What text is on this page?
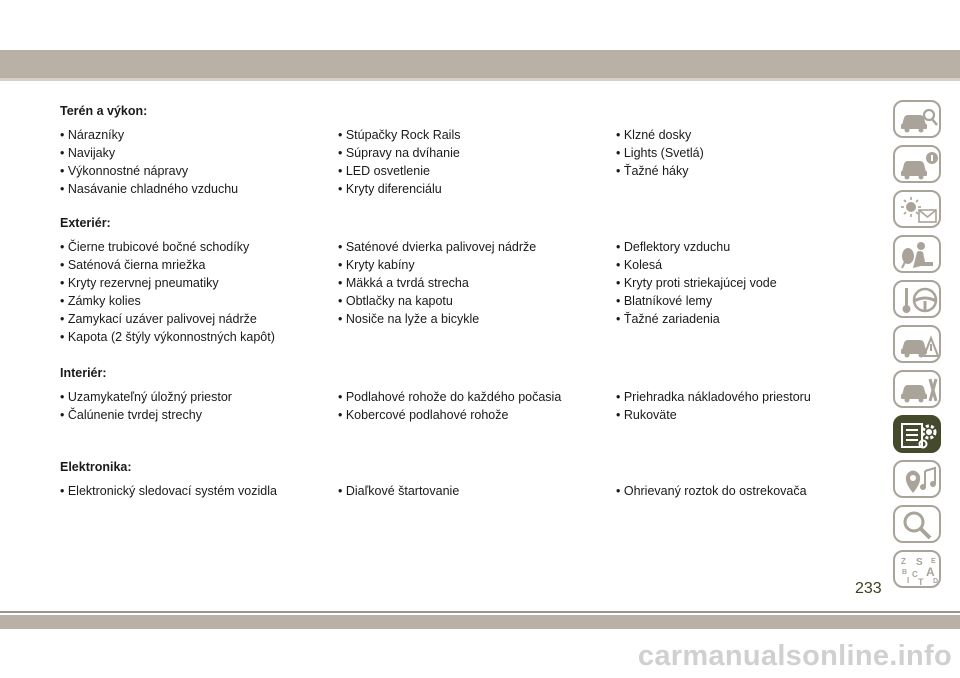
Terén a výkon:
• Nárazníky	• Stúpačky Rock Rails	• Klzné dosky
• Navijaky	• Súpravy na dvíhanie	• Lights (Svetlá)
• Výkonnostné nápravy	• LED osvetlenie	• Ťažné háky
• Nasávanie chladného vzduchu	• Kryty diferenciálu
Exteriér:
• Čierne trubicové bočné schodíky	• Saténové dvierka palivovej nádrže	• Deflektory vzduchu
• Saténová čierna mriežka	• Kryty kabíny	• Kolesá
• Kryty rezervnej pneumatiky	• Mäkká a tvrdá strecha	• Kryty proti striekajúcej vode
• Zámky kolies	• Obtlačky na kapotu	• Blatníkové lemy
• Zamykací uzáver palivovej nádrže	• Nosiče na lyže a bicykle	• Ťažné zariadenia
• Kapota (2 štýly výkonnostných kapôt)
Interiér:
• Uzamykateľný úložný priestor	• Podlahové rohože do každého počasia	• Priehradka nákladového priestoru
• Čalúnenie tvrdej strechy	• Kobercové podlahové rohože	• Rukoväte
Elektronika:
• Elektronický sledovací systém vozidla	• Diaľkové štartovanie	• Ohrievaný roztok do ostrekovača
Z	E
S
B A
C
I	D
T
233
carmanualsonline.info
